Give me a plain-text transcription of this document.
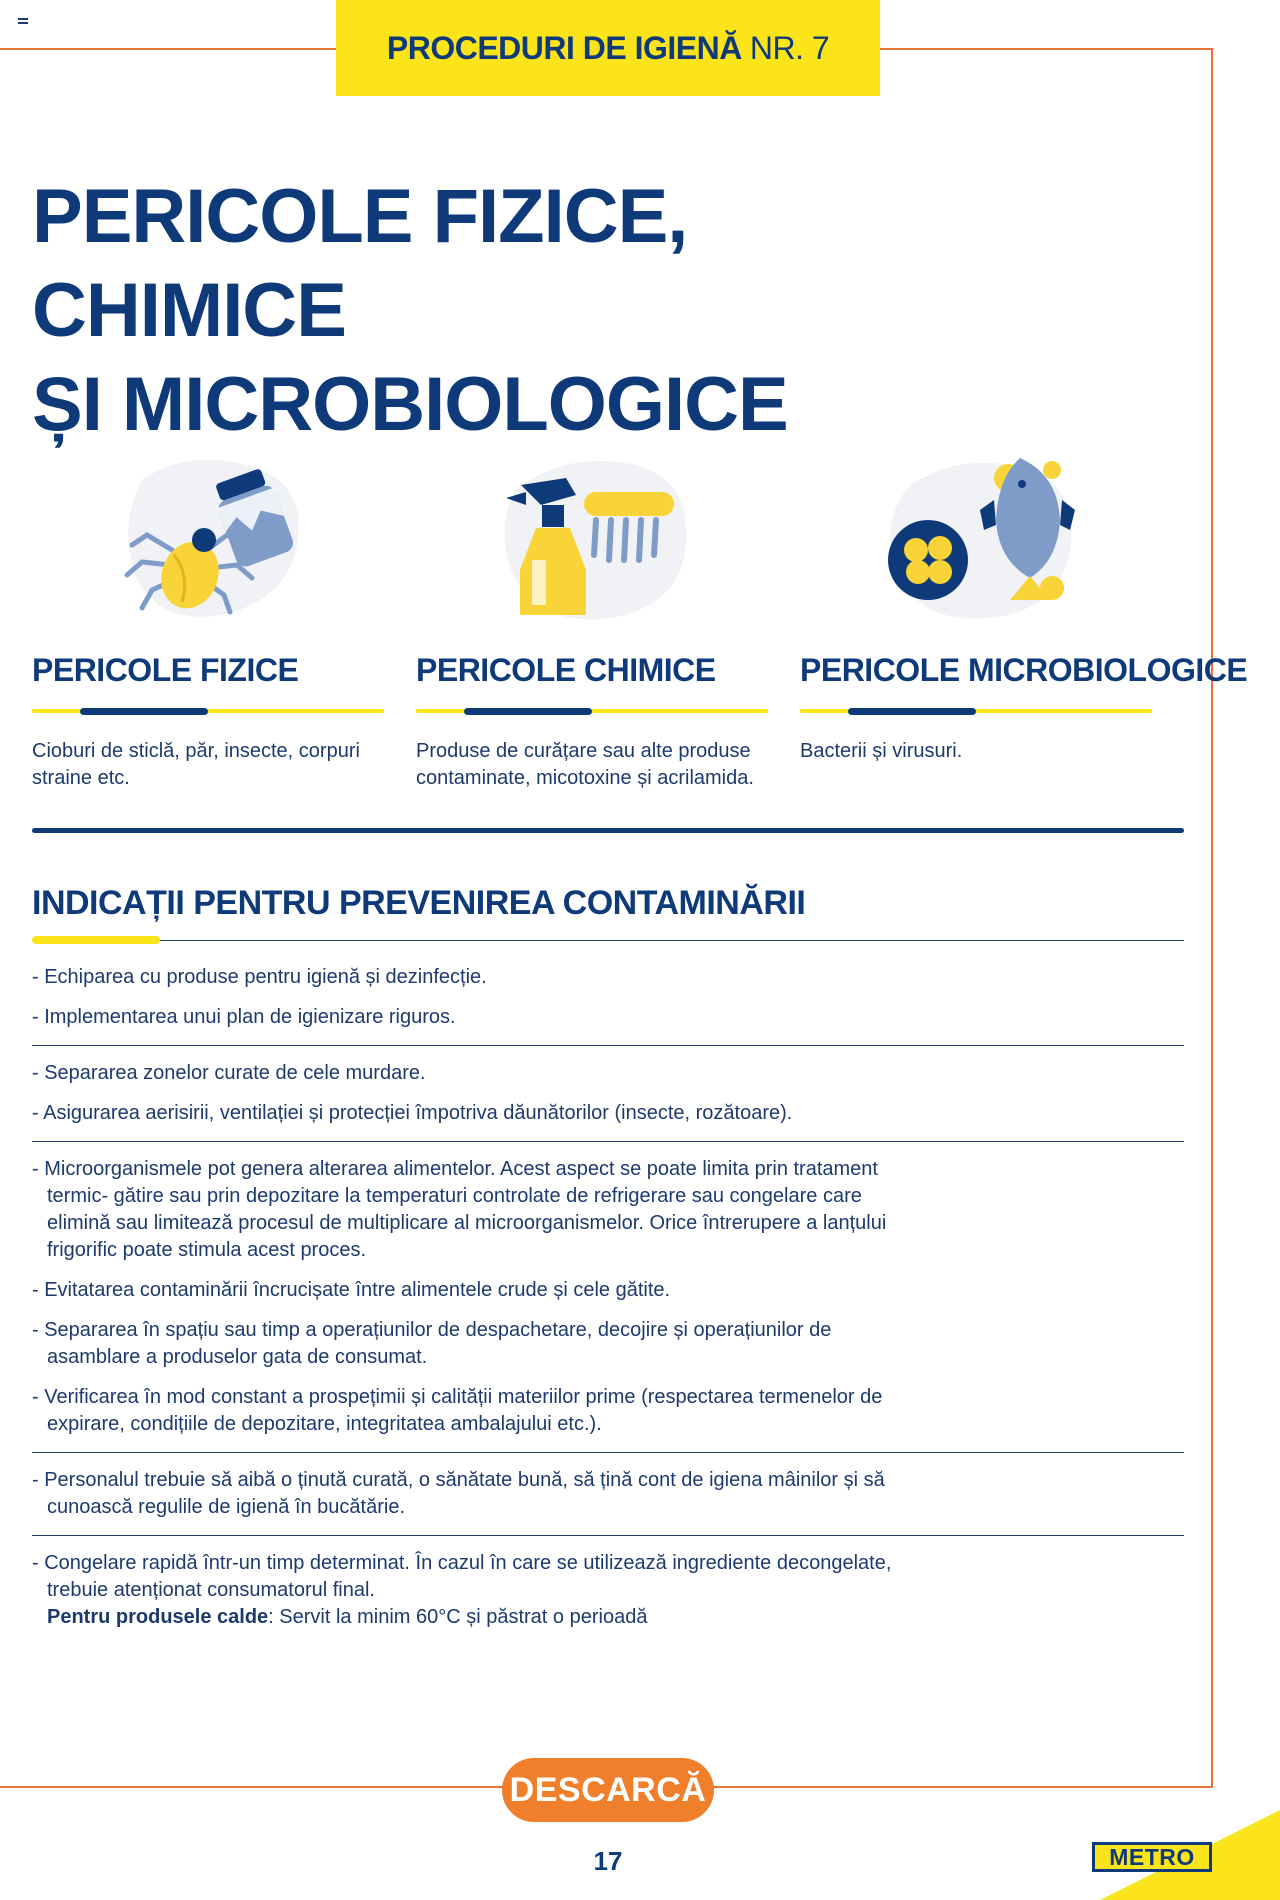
PROCEDURI DE IGIENĂ NR. 7
PERICOLE FIZICE, CHIMICE
ȘI MICROBIOLOGICE
PERICOLE FIZICE

Cioburi de sticlă, păr, insecte, corpuri straine etc.

PERICOLE CHIMICE

Produse de curățare sau alte produse contaminate, micotoxine și acrilamida.

PERICOLE MICROBIOLOGICE

Bacterii și virusuri.

INDICAȚII PENTRU PREVENIREA CONTAMINĂRII

- Echiparea cu produse pentru igienă și dezinfecție.

- Implementarea unui plan de igienizare riguros.

- Separarea zonelor curate de cele murdare.

- Asigurarea aerisirii, ventilației și protecției împotriva dăunătorilor (insecte, rozătoare).

- Microorganismele pot genera alterarea alimentelor. Acest aspect se poate limita prin tratament termic- gătire sau prin depozitare la temperaturi controlate de refrigerare sau congelare care elimină sau limitează procesul de multiplicare al microorganismelor. Orice întrerupere a lanțului frigorific poate stimula acest proces.

- Evitatarea contaminării încrucișate între alimentele crude și cele gătite.

- Separarea în spațiu sau timp a operațiunilor de despachetare, decojire și operațiunilor de asamblare a produselor gata de consumat.

- Verificarea în mod constant a prospețimii și calității materiilor prime (respectarea termenelor de expirare, condițiile de depozitare, integritatea ambalajului etc.).

- Personalul trebuie să aibă o ținută curată, o sănătate bună, să țină cont de igiena mâinilor și să cunoască regulile de igienă în bucătărie.

- Congelare rapidă într-un timp determinat. În cazul în care se utilizează ingrediente decongelate, trebuie atenționat consumatorul final.
Pentru produsele calde: Servit la minim 60°C și păstrat o perioadă

DESCARCĂ
17	METRO
